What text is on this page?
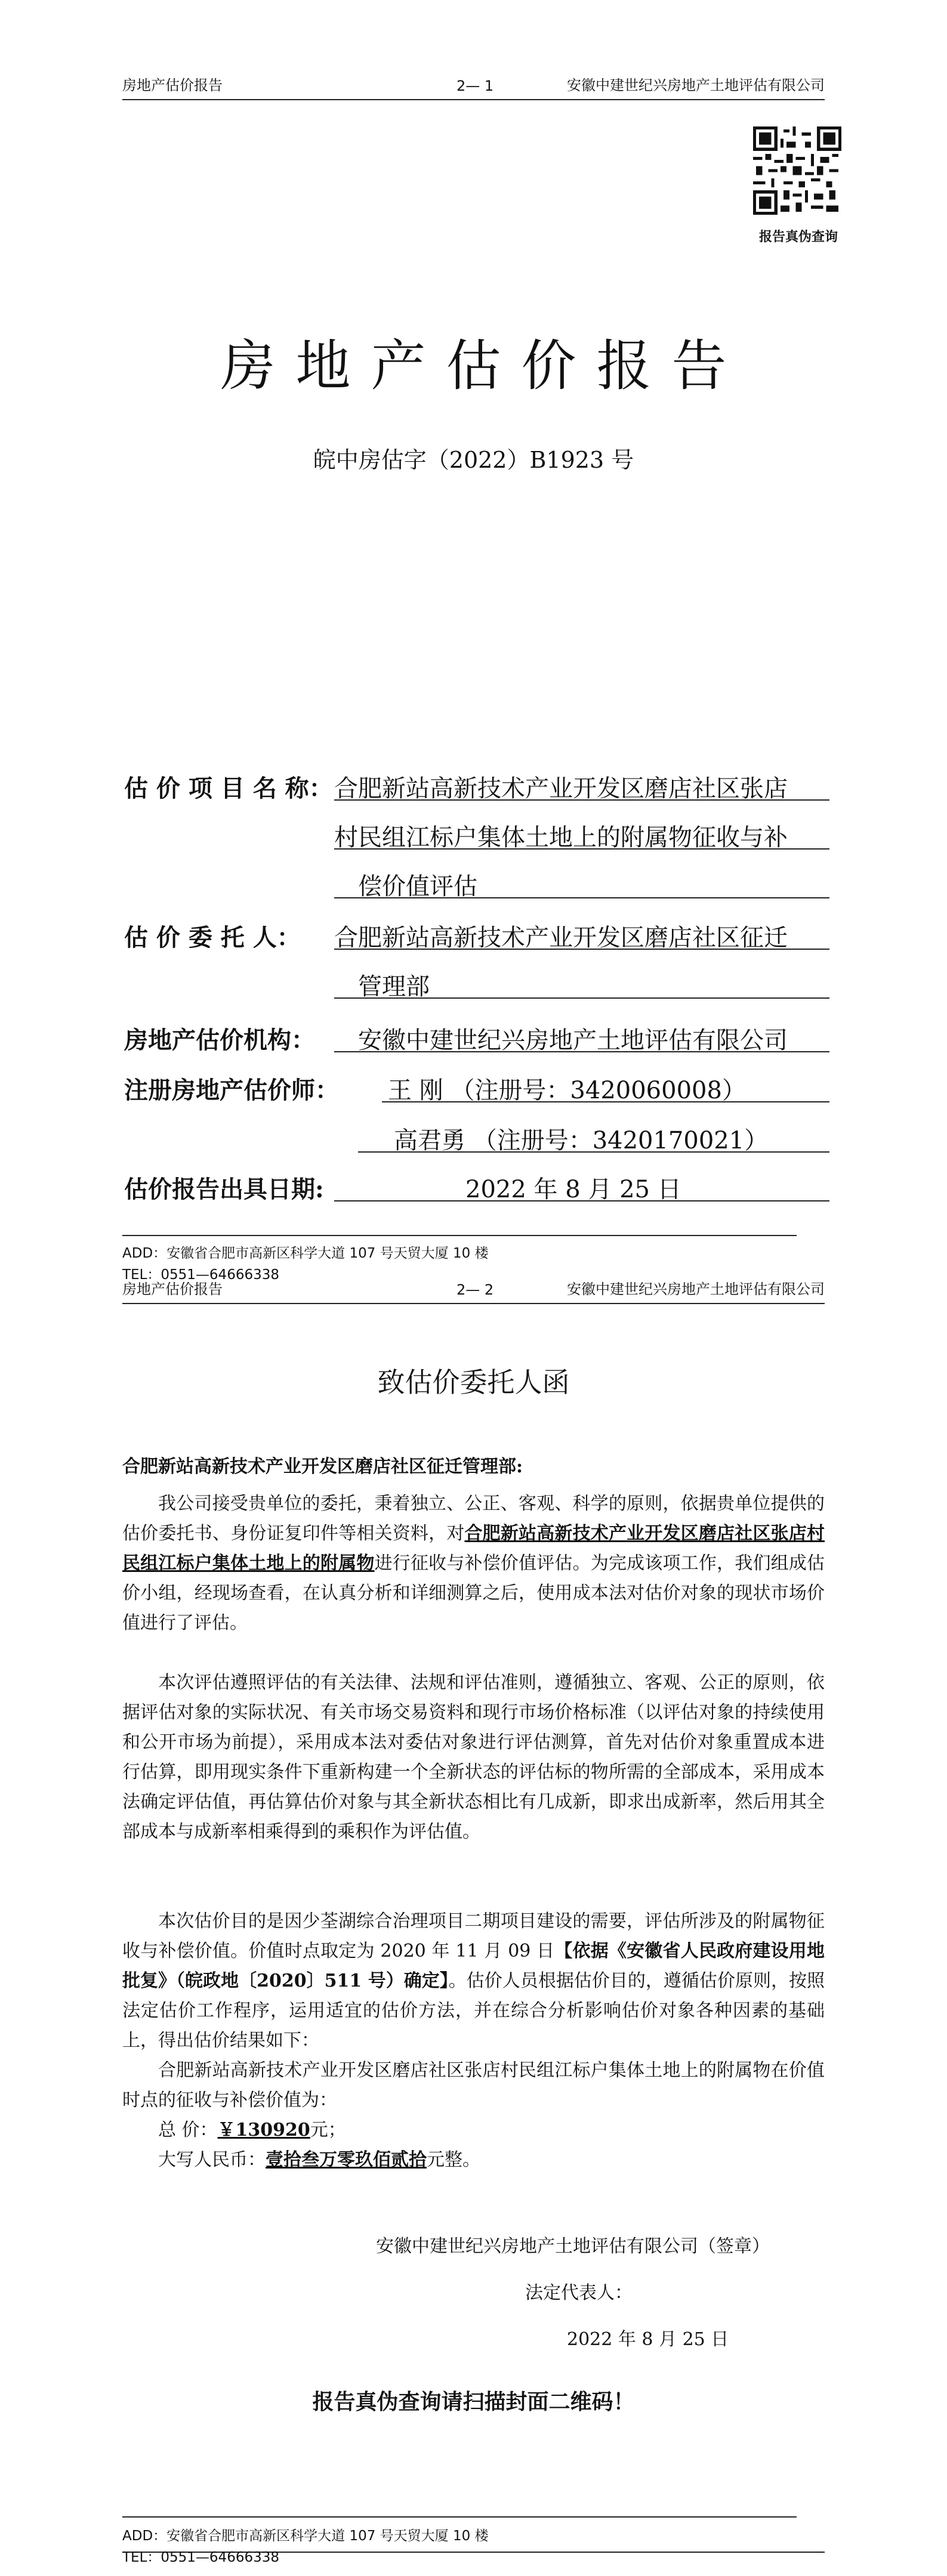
房地产估价报告	2— 1	安徽中建世纪兴房地产土地评估有限公司
报告真伪查询
房地产估价报告
皖中房估字（2022）B1923 号
估 价 项 目 名 称： 合肥新站高新技术产业开发区磨店社区张店
村民组江标户集体土地上的附属物征收与补
偿价值评估
估 价 委 托 人： 合肥新站高新技术产业开发区磨店社区征迁
管理部
房地产估价机构： 安徽中建世纪兴房地产土地评估有限公司
注册房地产估价师： 王 刚 （注册号：3420060008）
高君勇 （注册号：3420170021）
估价报告出具日期:	2022 年 8 月 25 日
ADD：安徽省合肥市高新区科学大道 107 号天贸大厦 10 楼
TEL：0551—64666338
房地产估价报告	2— 2	安徽中建世纪兴房地产土地评估有限公司
致估价委托人函
合肥新站高新技术产业开发区磨店社区征迁管理部:
我公司接受贵单位的委托，秉着独立、公正、客观、科学的原则，依据贵单位提供的估价委托书、身份证复印件等相关资料，对合肥新站高新技术产业开发区磨店社区张店村民组江标户集体土地上的附属物进行征收与补偿价值评估。为完成该项工作，我们组成估价小组，经现场查看，在认真分析和详细测算之后，使用成本法对估价对象的现状市场价值进行了评估。
本次评估遵照评估的有关法律、法规和评估准则，遵循独立、客观、公正的原则，依据评估对象的实际状况、有关市场交易资料和现行市场价格标准（以评估对象的持续使用和公开市场为前提），采用成本法对委估对象进行评估测算，首先对估价对象重置成本进行估算，即用现实条件下重新构建一个全新状态的评估标的物所需的全部成本，采用成本法确定评估值，再估算估价对象与其全新状态相比有几成新，即求出成新率，然后用其全部成本与成新率相乘得到的乘积作为评估值。
本次估价目的是因少荃湖综合治理项目二期项目建设的需要，评估所涉及的附属物征收与补偿价值。价值时点取定为 2020 年 11 月 09 日【依据《安徽省人民政府建设用地批复》（皖政地〔2020〕511 号）确定】。估价人员根据估价目的，遵循估价原则，按照法定估价工作程序，运用适宜的估价方法，并在综合分析影响估价对象各种因素的基础上，得出估价结果如下：
合肥新站高新技术产业开发区磨店社区张店村民组江标户集体土地上的附属物在价值时点的征收与补偿价值为：
总 价：￥130920元；
大写人民币：壹拾叁万零玖佰贰拾元整。
安徽中建世纪兴房地产土地评估有限公司（签章）
法定代表人：
2022 年 8 月 25 日
报告真伪查询请扫描封面二维码！
ADD：安徽省合肥市高新区科学大道 107 号天贸大厦 10 楼
TEL：0551—64666338
